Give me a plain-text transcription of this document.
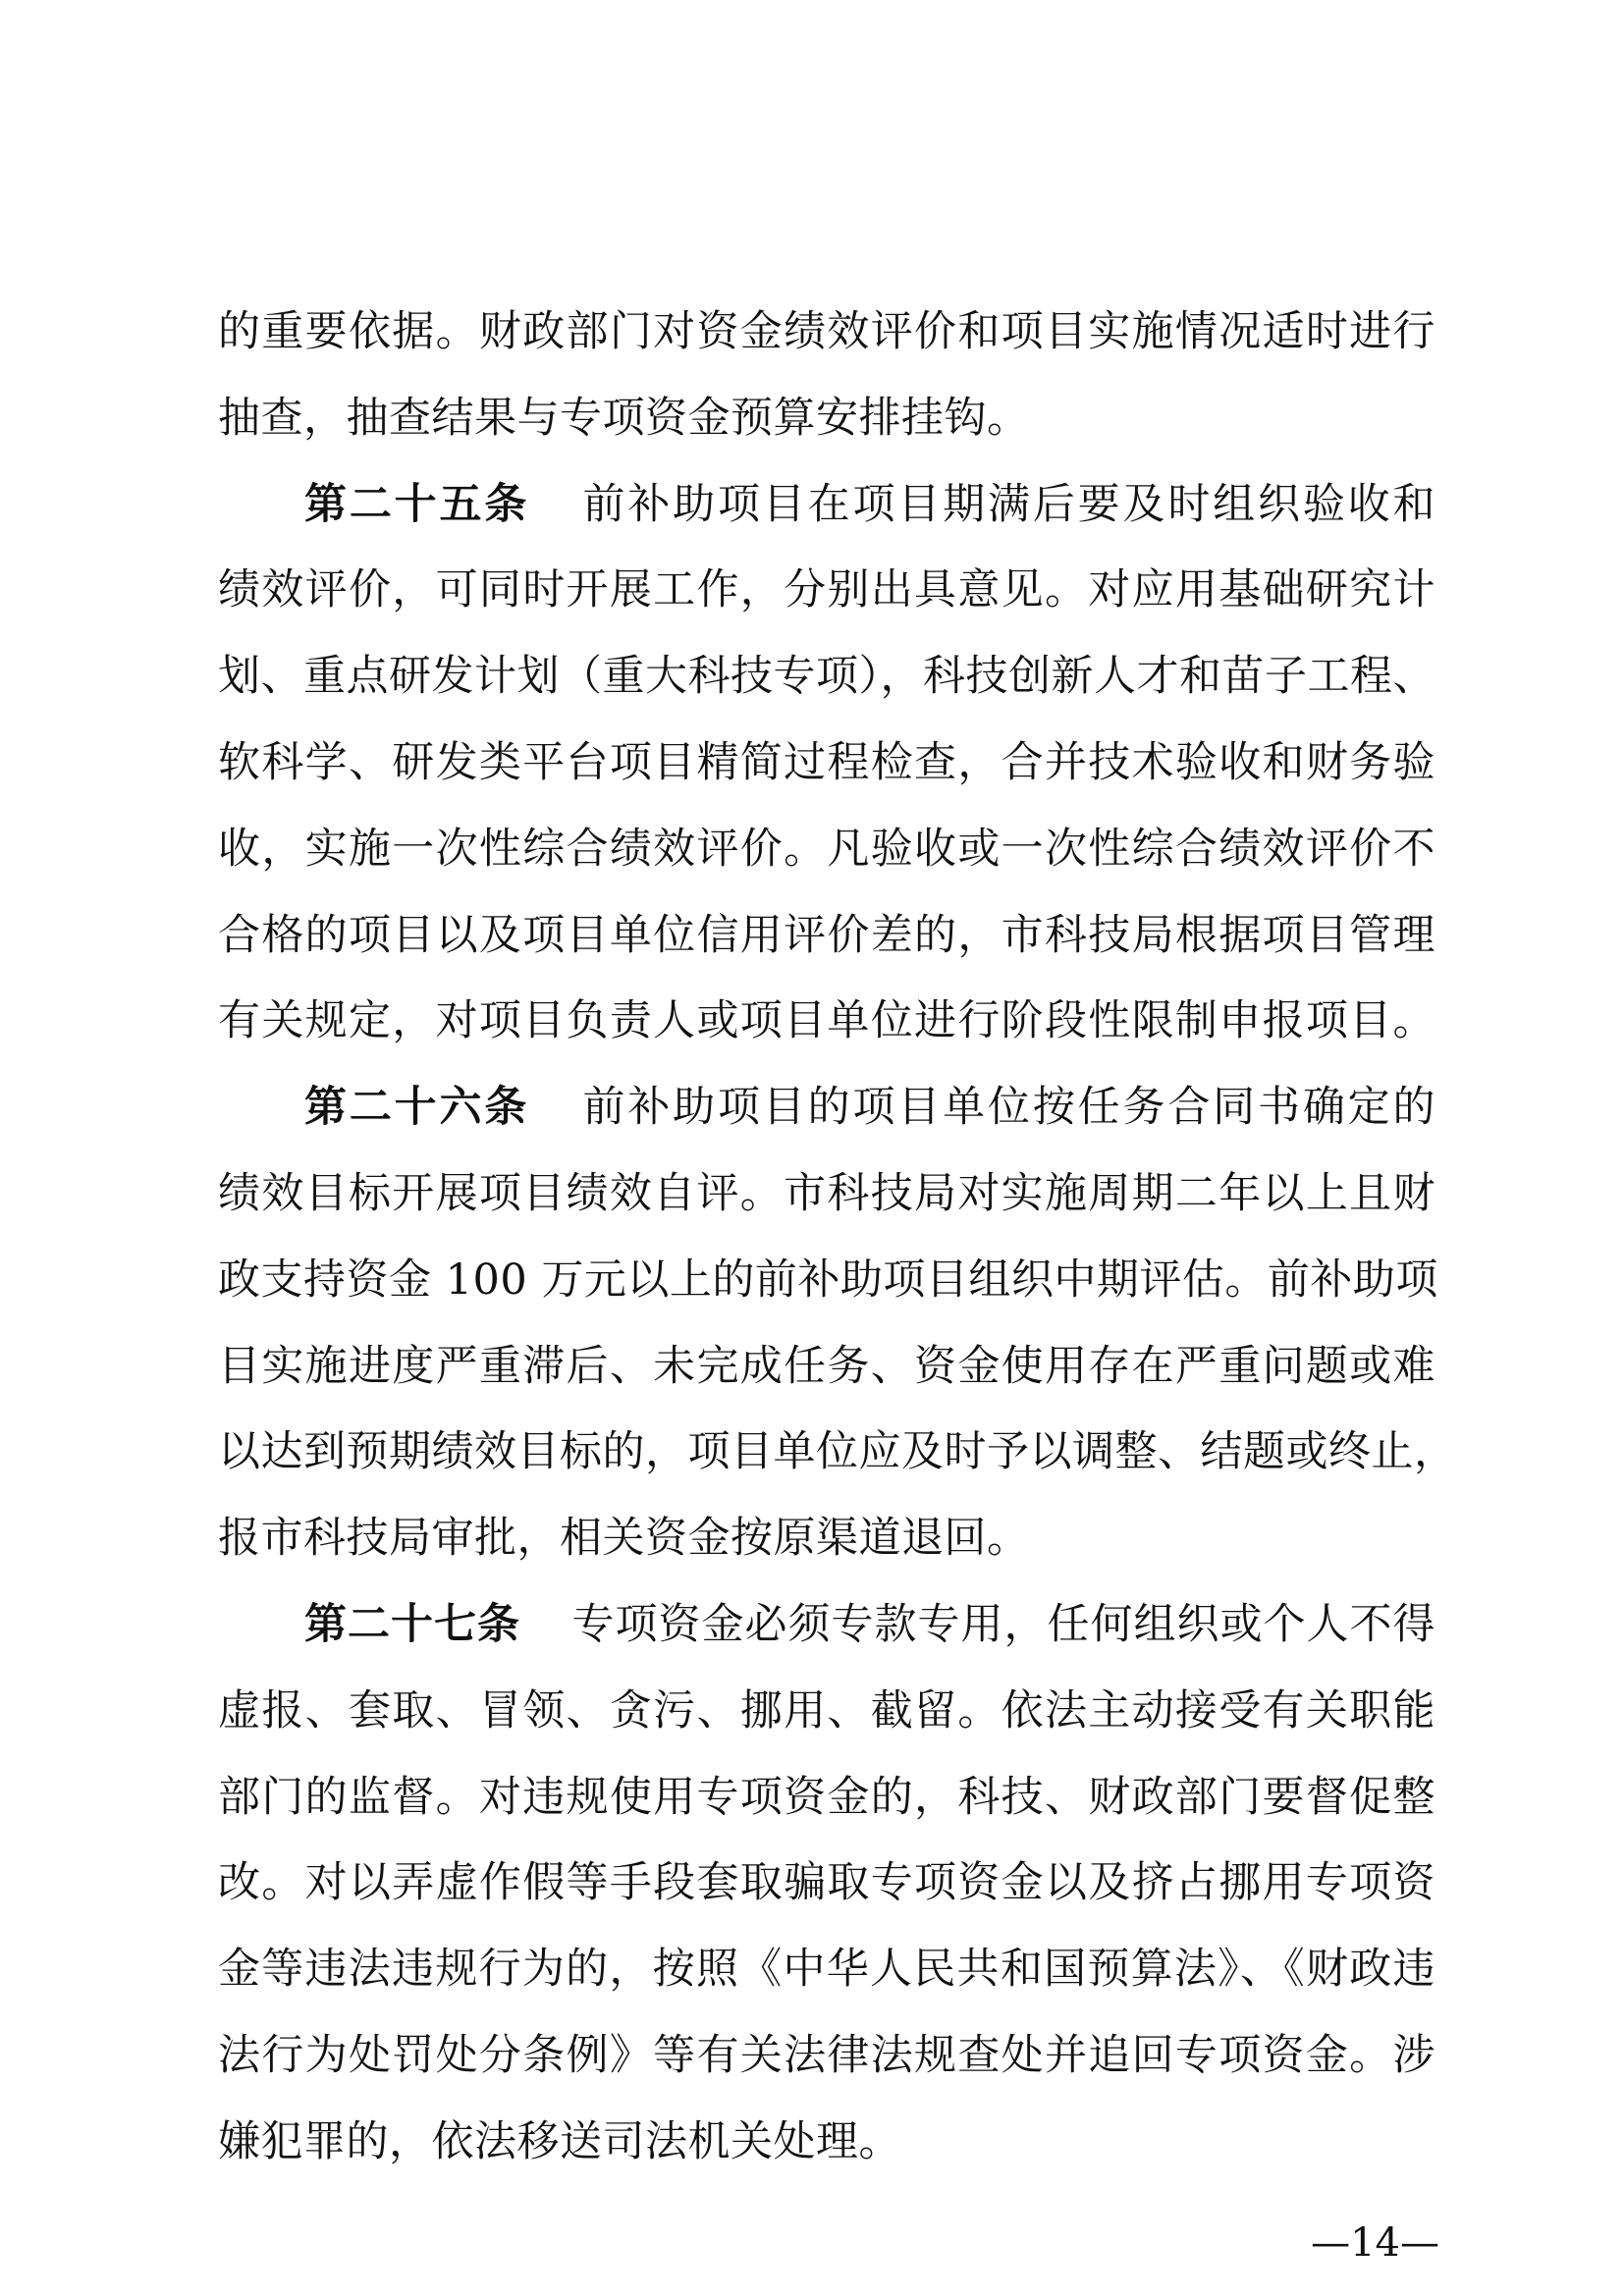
的重要依据。财政部门对资金绩效评价和项目实施情况适时进行
抽查，抽查结果与专项资金预算安排挂钩。
第二十五条 前补助项目在项目期满后要及时组织验收和
绩效评价，可同时开展工作，分别出具意见。对应用基础研究计
划、重点研发计划（重大科技专项），科技创新人才和苗子工程、
软科学、研发类平台项目精简过程检查，合并技术验收和财务验
收，实施一次性综合绩效评价。凡验收或一次性综合绩效评价不
合格的项目以及项目单位信用评价差的，市科技局根据项目管理
有关规定，对项目负责人或项目单位进行阶段性限制申报项目。
第二十六条 前补助项目的项目单位按任务合同书确定的
绩效目标开展项目绩效自评。市科技局对实施周期二年以上且财
政支持资金 100 万元以上的前补助项目组织中期评估。前补助项
目实施进度严重滞后、未完成任务、资金使用存在严重问题或难
以达到预期绩效目标的，项目单位应及时予以调整、结题或终止，
报市科技局审批，相关资金按原渠道退回。
第二十七条 专项资金必须专款专用，任何组织或个人不得
虚报、套取、冒领、贪污、挪用、截留。依法主动接受有关职能
部门的监督。对违规使用专项资金的，科技、财政部门要督促整
改。对以弄虚作假等手段套取骗取专项资金以及挤占挪用专项资
金等违法违规行为的，按照《中华人民共和国预算法》、《财政违
法行为处罚处分条例》等有关法律法规查处并追回专项资金。涉
嫌犯罪的，依法移送司法机关处理。
—14—
